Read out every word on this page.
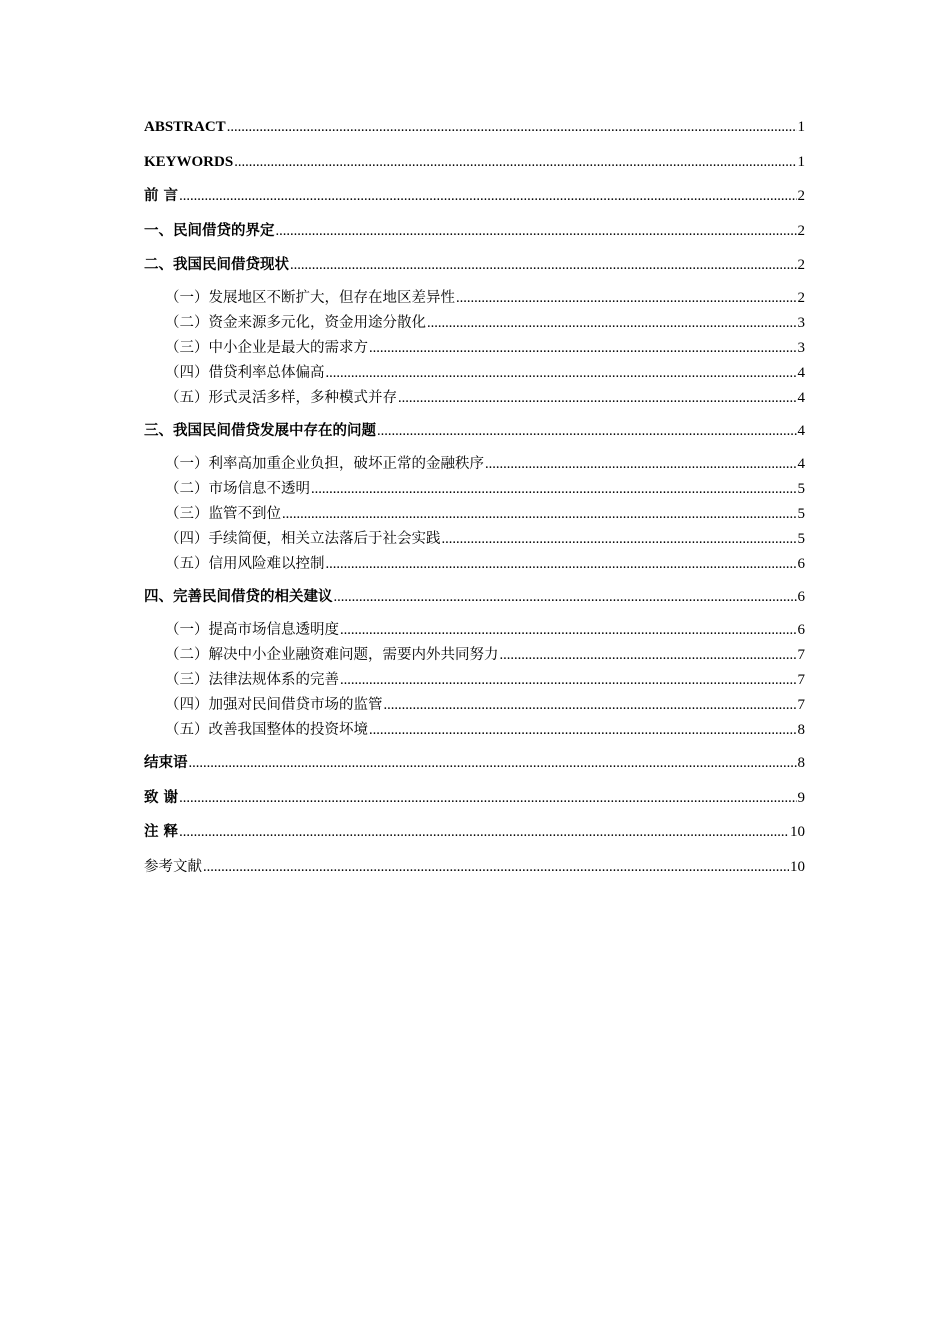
ABSTRACT .....	1
KEYWORDS .....	1
前 言 .....	2
一、民间借贷的界定 .....	2
二、我国民间借贷现状 .....	2
（一）发展地区不断扩大，但存在地区差异性 .....	2
（二）资金来源多元化，资金用途分散化 .....	3
（三）中小企业是最大的需求方 .....	3
（四）借贷利率总体偏高 .....	4
（五）形式灵活多样，多种模式并存 .....	4
三、我国民间借贷发展中存在的问题 .....	4
（一）利率高加重企业负担，破坏正常的金融秩序 .....	4
（二）市场信息不透明 .....	5
（三）监管不到位 .....	5
（四）手续简便，相关立法落后于社会实践 .....	5
（五）信用风险难以控制 .....	6
四、完善民间借贷的相关建议 .....	6
（一）提高市场信息透明度 .....	6
（二）解决中小企业融资难问题，需要内外共同努力 .....	7
（三）法律法规体系的完善 .....	7
（四）加强对民间借贷市场的监管 .....	7
（五）改善我国整体的投资坏境 .....	8
结束语 .....	8
致 谢 .....	9
注 释 .....	10
参考文献 .....	10
